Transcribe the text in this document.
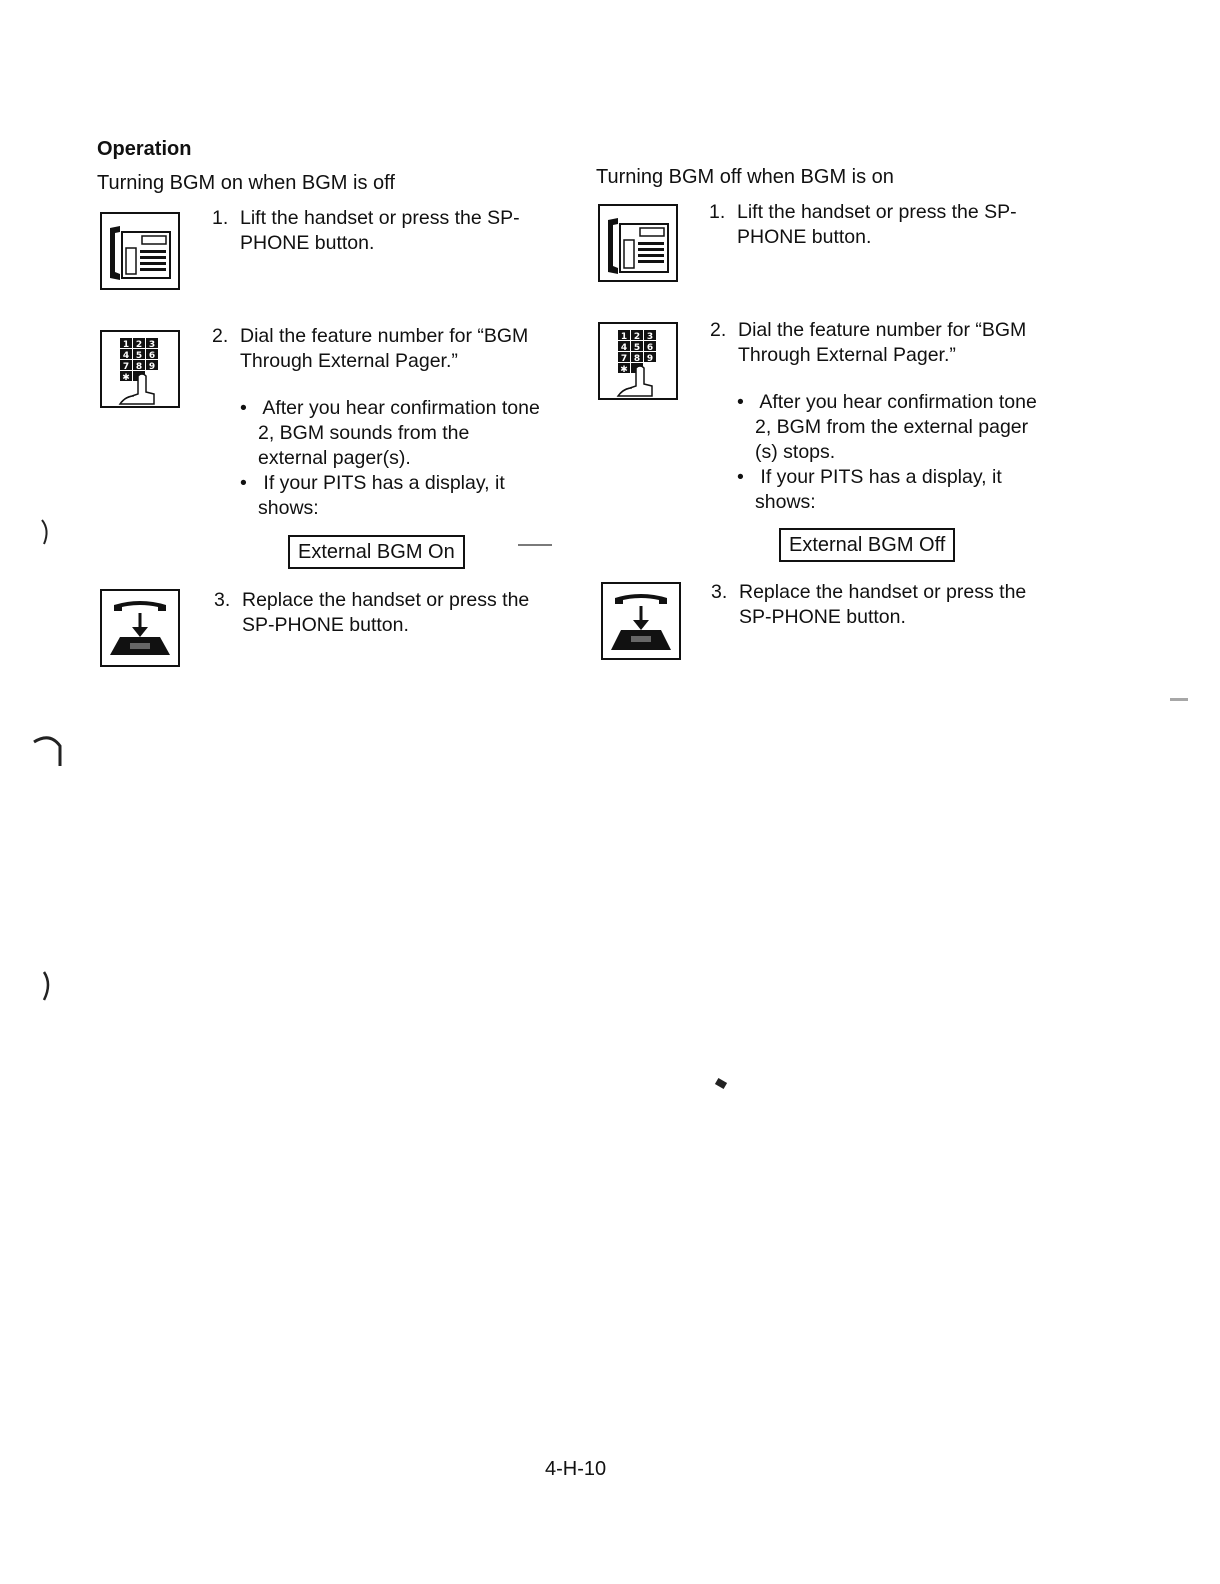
Operation
Turning BGM on when BGM is off
1. Lift the handset or press the SP-
PHONE button.
1 2 3
4 5 6
7 8 9
✱
2. Dial the feature number for “BGM
Through External Pager.”
• After you hear confirmation tone
2, BGM sounds from the
external pager(s).
• If your PITS has a display, it
shows:
External BGM On
3. Replace the handset or press the
SP-PHONE button.
Turning BGM off when BGM is on
1. Lift the handset or press the SP-
PHONE button.
1 2 3
4 5 6
7 8 9
✱
2. Dial the feature number for “BGM
Through External Pager.”
• After you hear confirmation tone
2, BGM from the external pager
(s) stops.
• If your PITS has a display, it
shows:
External BGM Off
3. Replace the handset or press the
SP-PHONE button.
4-H-10
